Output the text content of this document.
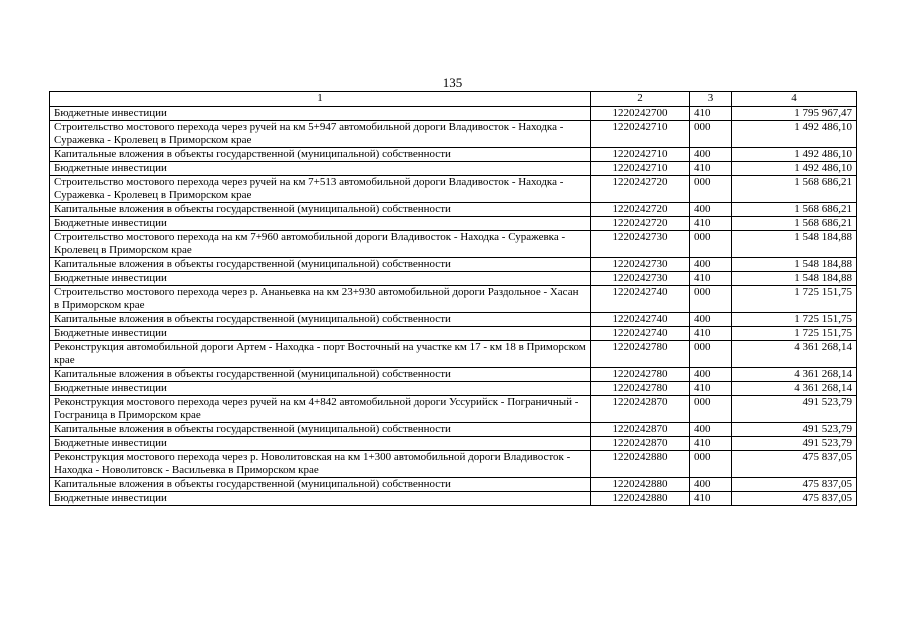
135
1	2	3	4
Бюджетные инвестиции	1220242700	410	1 795 967,47
Строительство мостового перехода через ручей на км 5+947 автомобильной дороги Владивосток - Находка - Суражевка - Кролевец в Приморском крае	1220242710	000	1 492 486,10
Капитальные вложения в объекты государственной (муниципальной) собственности	1220242710	400	1 492 486,10
Бюджетные инвестиции	1220242710	410	1 492 486,10
Строительство мостового перехода через ручей на км 7+513 автомобильной дороги Владивосток - Находка - Суражевка - Кролевец в Приморском крае	1220242720	000	1 568 686,21
Капитальные вложения в объекты государственной (муниципальной) собственности	1220242720	400	1 568 686,21
Бюджетные инвестиции	1220242720	410	1 568 686,21
Строительство мостового перехода на км 7+960 автомобильной дороги Владивосток - Находка - Суражевка - Кролевец в Приморском крае	1220242730	000	1 548 184,88
Капитальные вложения в объекты государственной (муниципальной) собственности	1220242730	400	1 548 184,88
Бюджетные инвестиции	1220242730	410	1 548 184,88
Строительство мостового перехода через р. Ананьевка на км 23+930 автомобильной дороги Раздольное - Хасан в Приморском крае	1220242740	000	1 725 151,75
Капитальные вложения в объекты государственной (муниципальной) собственности	1220242740	400	1 725 151,75
Бюджетные инвестиции	1220242740	410	1 725 151,75
Реконструкция автомобильной дороги Артем - Находка - порт Восточный на участке км 17 - км 18 в Приморском крае	1220242780	000	4 361 268,14
Капитальные вложения в объекты государственной (муниципальной) собственности	1220242780	400	4 361 268,14
Бюджетные инвестиции	1220242780	410	4 361 268,14
Реконструкция мостового перехода через ручей на км 4+842 автомобильной дороги Уссурийск - Пограничный - Госграница в Приморском крае	1220242870	000	491 523,79
Капитальные вложения в объекты государственной (муниципальной) собственности	1220242870	400	491 523,79
Бюджетные инвестиции	1220242870	410	491 523,79
Реконструкция мостового перехода через р. Новолитовская на км 1+300 автомобильной дороги Владивосток - Находка - Новолитовск - Васильевка в Приморском крае	1220242880	000	475 837,05
Капитальные вложения в объекты государственной (муниципальной) собственности	1220242880	400	475 837,05
Бюджетные инвестиции	1220242880	410	475 837,05
